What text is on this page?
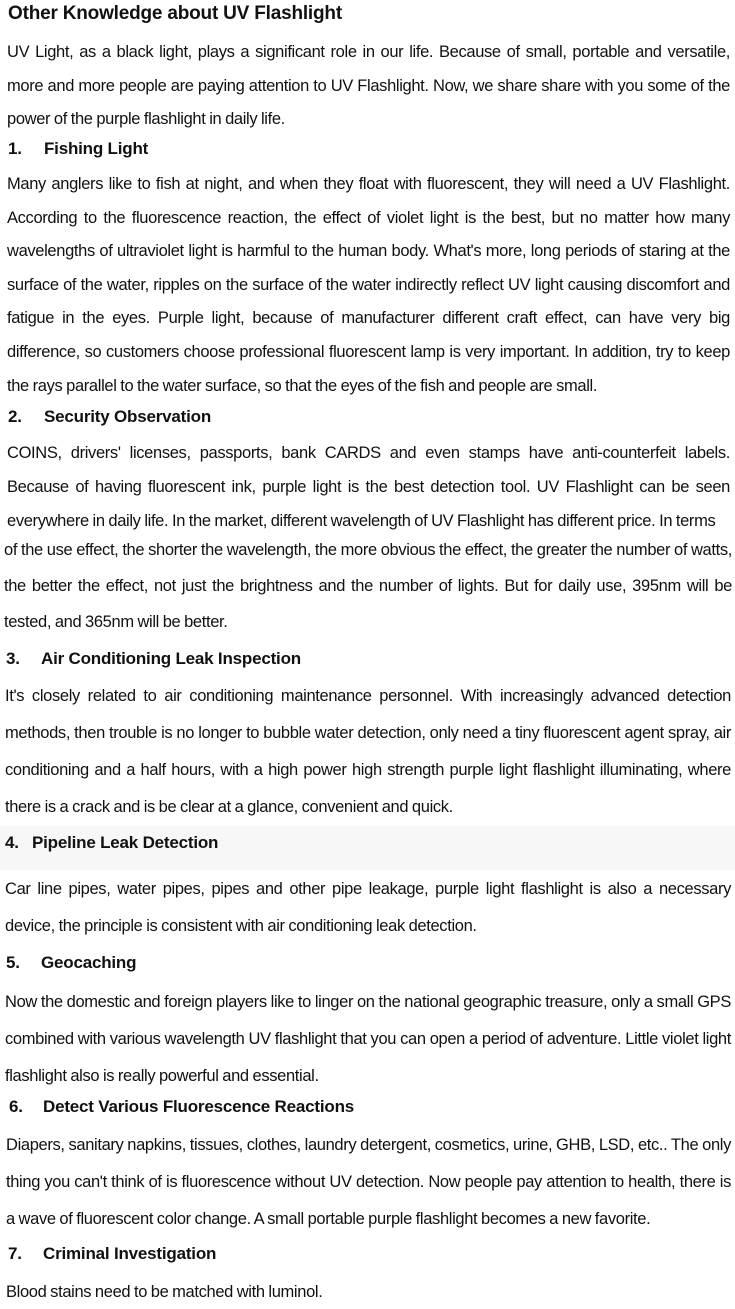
Other Knowledge about UV Flashlight
UV Light, as a black light, plays a significant role in our life. Because of small, portable and versatile, more and more people are paying attention to UV Flashlight. Now, we share share with you some of the power of the purple flashlight in daily life.
1. Fishing Light
Many anglers like to fish at night, and when they float with fluorescent, they will need a UV Flashlight. According to the fluorescence reaction, the effect of violet light is the best, but no matter how many wavelengths of ultraviolet light is harmful to the human body. What's more, long periods of staring at the surface of the water, ripples on the surface of the water indirectly reflect UV light causing discomfort and fatigue in the eyes. Purple light, because of manufacturer different craft effect, can have very big difference, so customers choose professional fluorescent lamp is very important. In addition, try to keep the rays parallel to the water surface, so that the eyes of the fish and people are small.
2. Security Observation
COINS, drivers' licenses, passports, bank CARDS and even stamps have anti-counterfeit labels. Because of having fluorescent ink, purple light is the best detection tool. UV Flashlight can be seen everywhere in daily life. In the market, different wavelength of UV Flashlight has different price. In terms
of the use effect, the shorter the wavelength, the more obvious the effect, the greater the number of watts, the better the effect, not just the brightness and the number of lights. But for daily use, 395nm will be tested, and 365nm will be better.
3. Air Conditioning Leak Inspection
It's closely related to air conditioning maintenance personnel. With increasingly advanced detection methods, then trouble is no longer to bubble water detection, only need a tiny fluorescent agent spray, air conditioning and a half hours, with a high power high strength purple light flashlight illuminating, where there is a crack and is be clear at a glance, convenient and quick.
4. Pipeline Leak Detection
Car line pipes, water pipes, pipes and other pipe leakage, purple light flashlight is also a necessary device, the principle is consistent with air conditioning leak detection.
5. Geocaching
Now the domestic and foreign players like to linger on the national geographic treasure, only a small GPS combined with various wavelength UV flashlight that you can open a period of adventure. Little violet light flashlight also is really powerful and essential.
6. Detect Various Fluorescence Reactions
Diapers, sanitary napkins, tissues, clothes, laundry detergent, cosmetics, urine, GHB, LSD, etc.. The only thing you can't think of is fluorescence without UV detection. Now people pay attention to health, there is a wave of fluorescent color change. A small portable purple flashlight becomes a new favorite.
7. Criminal Investigation
Blood stains need to be matched with luminol.
